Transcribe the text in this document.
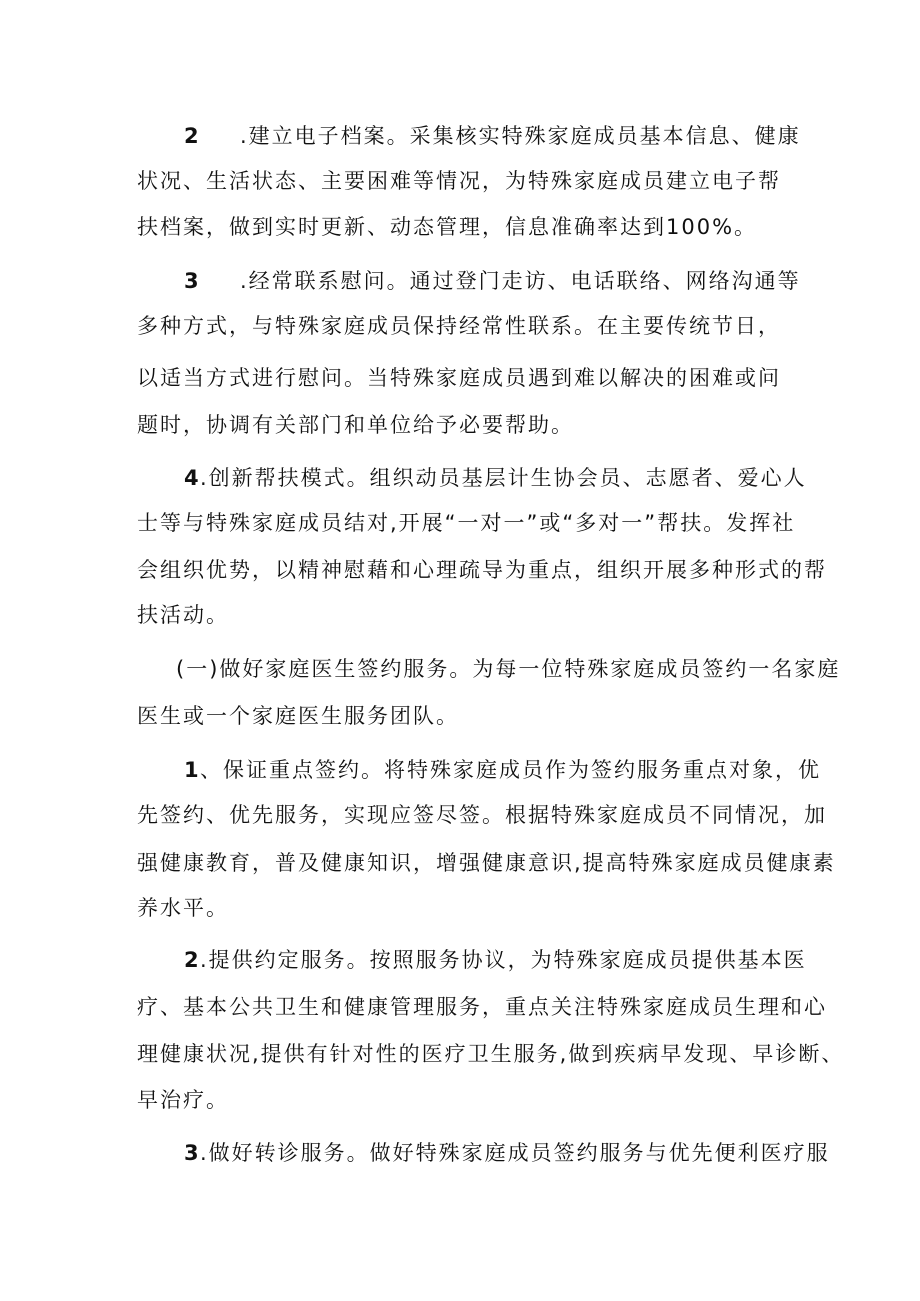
2 .建立电子档案。采集核实特殊家庭成员基本信息、健康
状况、生活状态、主要困难等情况，为特殊家庭成员建立电子帮
扶档案，做到实时更新、动态管理，信息准确率达到100%。
3 .经常联系慰问。通过登门走访、电话联络、网络沟通等
多种方式，与特殊家庭成员保持经常性联系。在主要传统节日，
以适当方式进行慰问。当特殊家庭成员遇到难以解决的困难或问
题时，协调有关部门和单位给予必要帮助。
4.创新帮扶模式。组织动员基层计生协会员、志愿者、爱心人
士等与特殊家庭成员结对,开展“一对一”或“多对一”帮扶。发挥社
会组织优势，以精神慰藉和心理疏导为重点，组织开展多种形式的帮
扶活动。
(一)做好家庭医生签约服务。为每一位特殊家庭成员签约一名家庭
医生或一个家庭医生服务团队。
1、保证重点签约。将特殊家庭成员作为签约服务重点对象，优
先签约、优先服务，实现应签尽签。根据特殊家庭成员不同情况，加
强健康教育，普及健康知识，增强健康意识,提高特殊家庭成员健康素
养水平。
2.提供约定服务。按照服务协议，为特殊家庭成员提供基本医
疗、基本公共卫生和健康管理服务，重点关注特殊家庭成员生理和心
理健康状况,提供有针对性的医疗卫生服务,做到疾病早发现、早诊断、
早治疗。
3.做好转诊服务。做好特殊家庭成员签约服务与优先便利医疗服
